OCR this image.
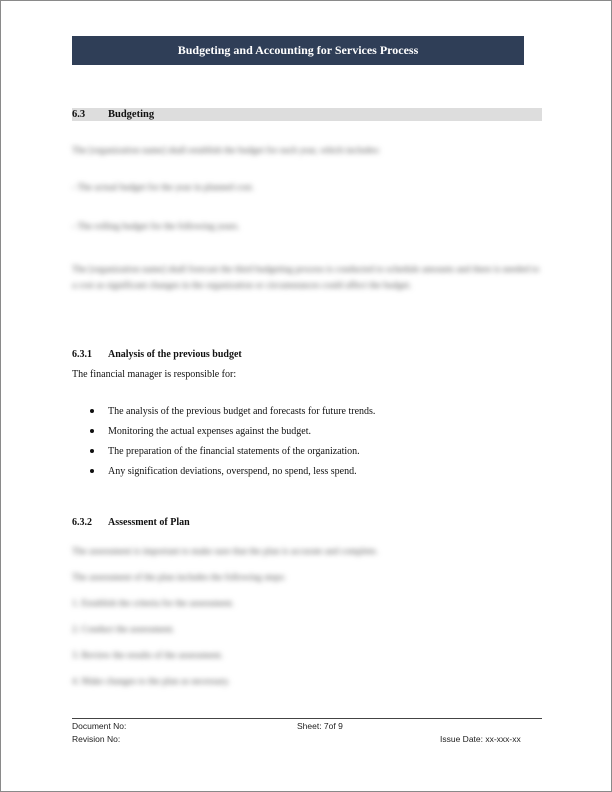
Budgeting and Accounting for Services Process
6.3 Budgeting
The [organization name] shall establish the budget for each year, which includes:
- The actual budget for the year in planned cost.
- The rolling budget for the following years.
The [organization name] shall forecast the third budgeting process is conducted to schedule amounts and there is needed to a cost as significant changes in the organization or circumstances could affect the budget.
6.3.1 Analysis of the previous budget
The financial manager is responsible for:
The analysis of the previous budget and forecasts for future trends.
Monitoring the actual expenses against the budget.
The preparation of the financial statements of the organization.
Any signification deviations, overspend, no spend, less spend.
6.3.2 Assessment of Plan
The assessment is important to make sure that the plan is accurate and complete.
The assessment of the plan includes the following steps:
1. Establish the criteria for the assessment.
2. Conduct the assessment.
3. Review the results of the assessment.
4. Make changes to the plan as necessary.
Document No:
Revision No:
Sheet: 7of 9
Issue Date: xx-xxx-xx
